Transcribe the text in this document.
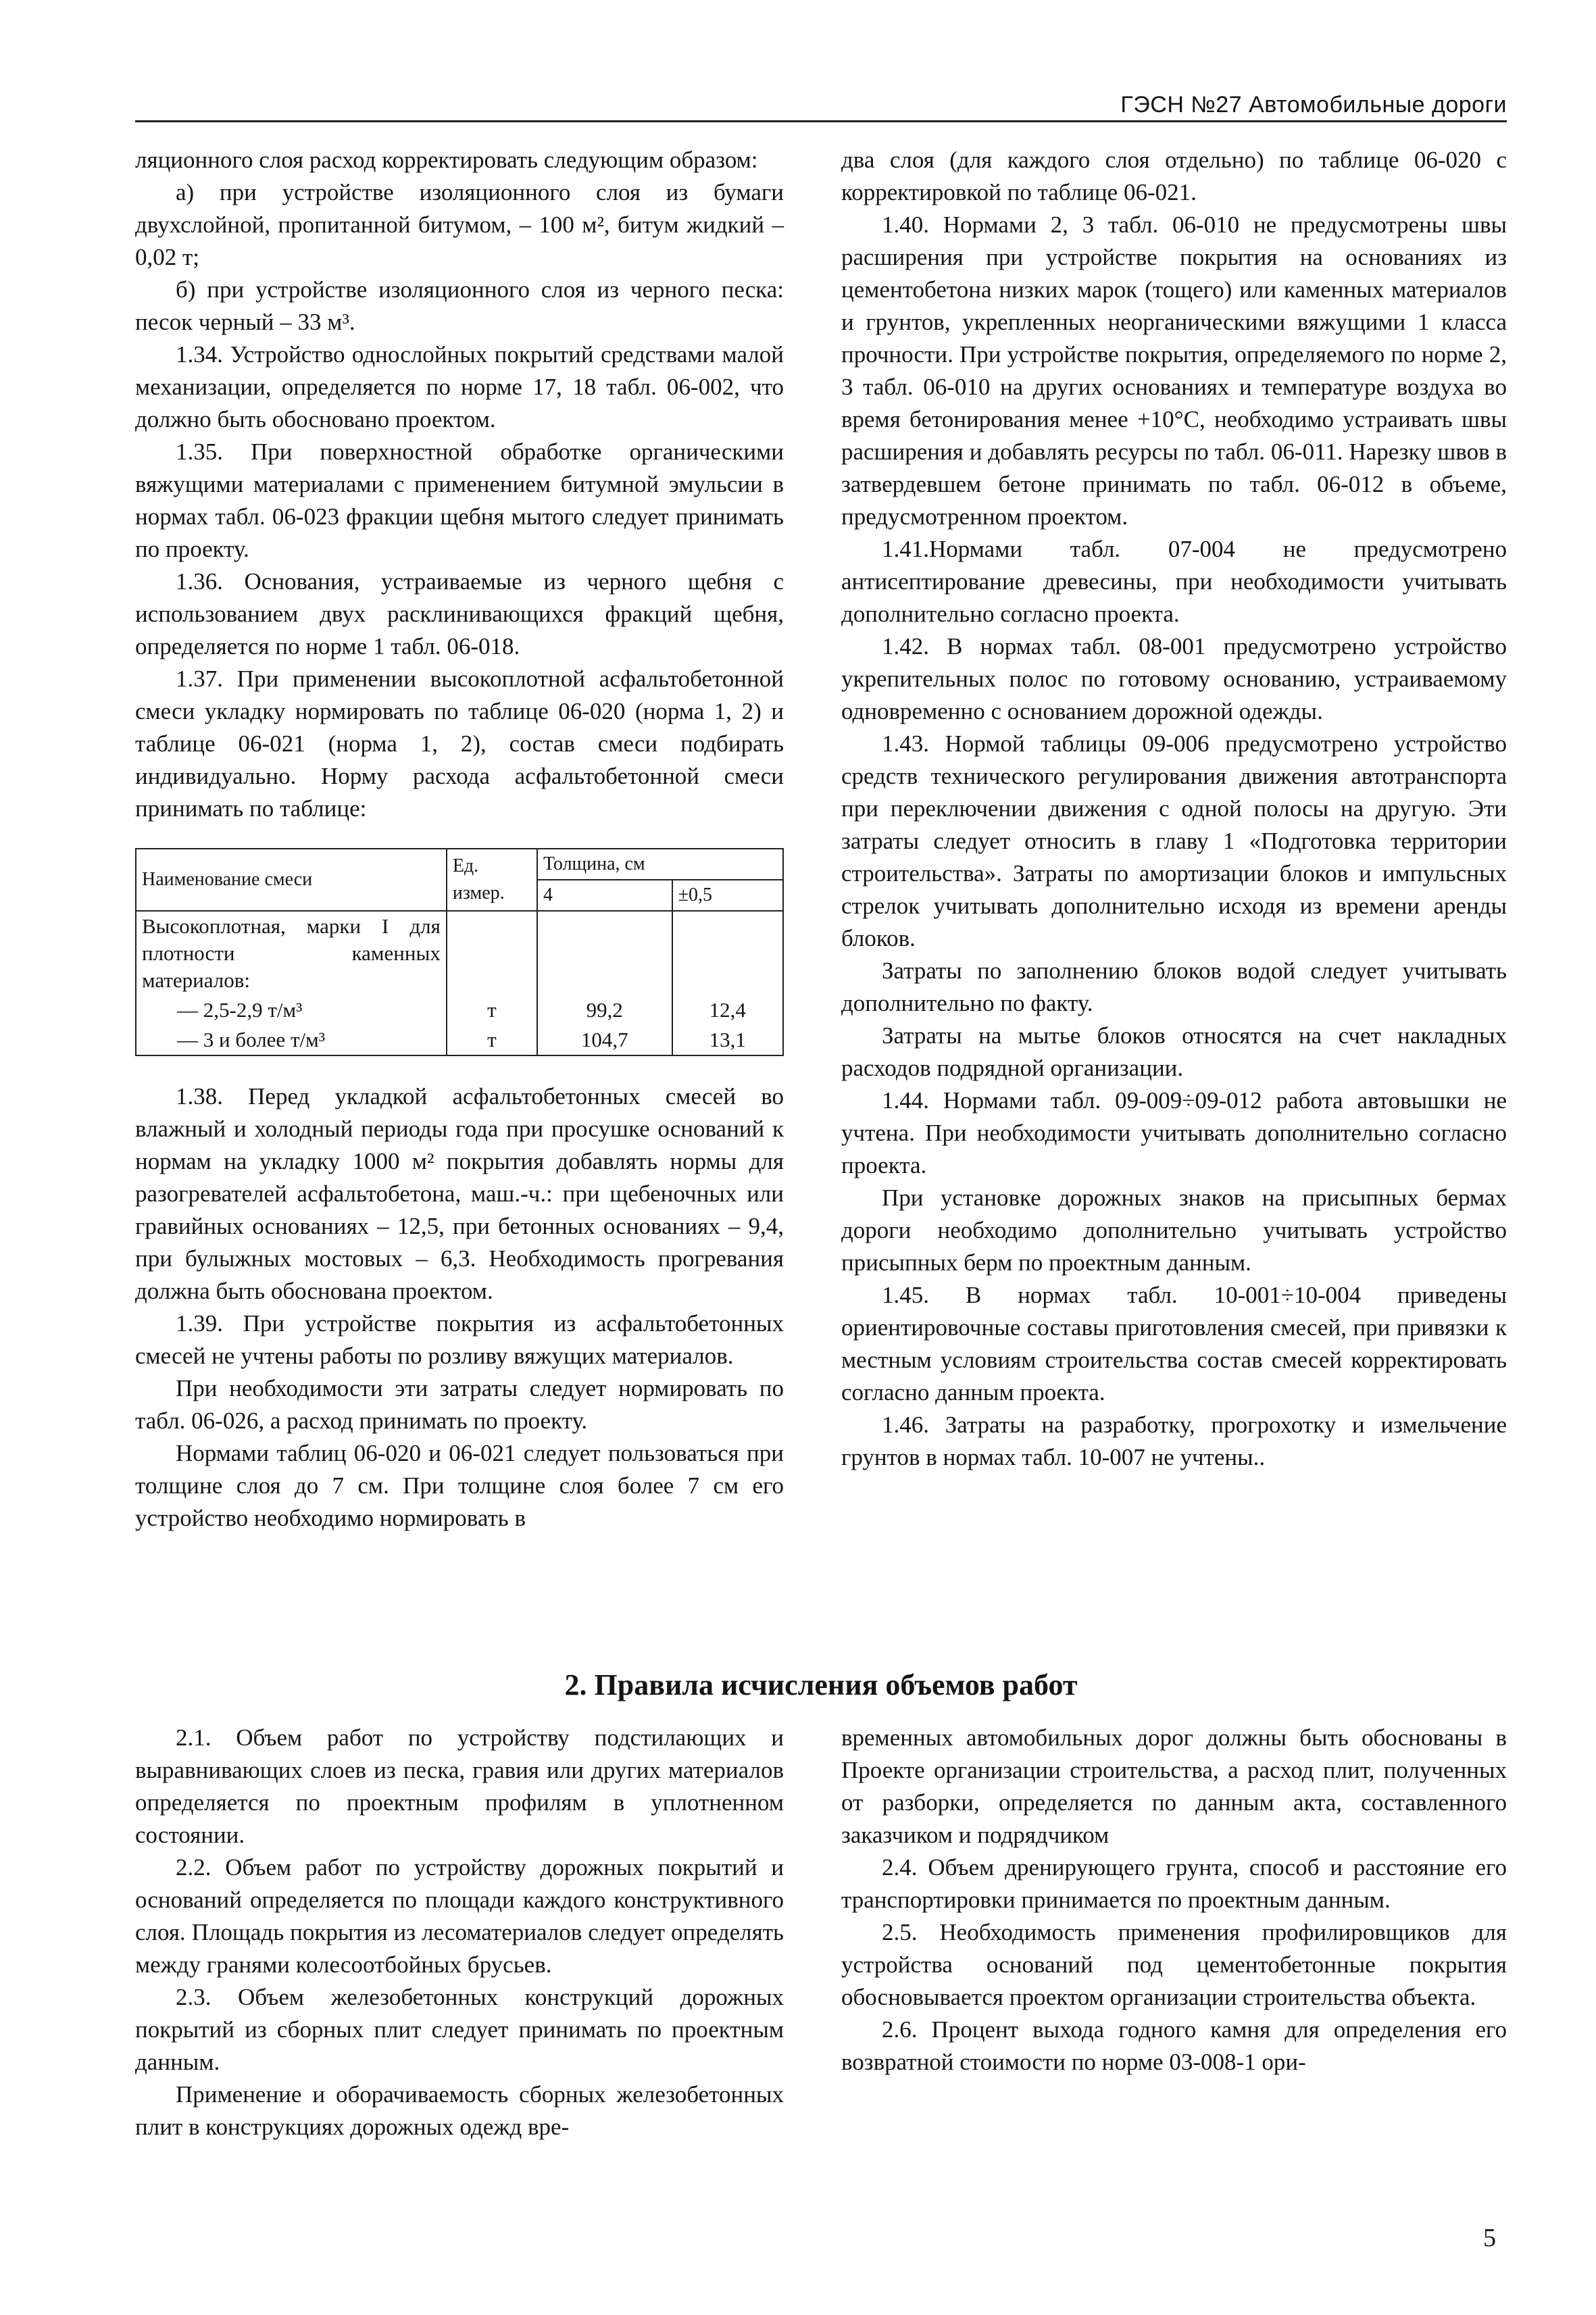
ГЭСН №27 Автомобильные дороги

ляционного слоя расход корректировать следующим образом:

а) при устройстве изоляционного слоя из бумаги двухслойной, пропитанной битумом, – 100 м², битум жидкий – 0,02 т;

б) при устройстве изоляционного слоя из черного песка: песок черный – 33 м³.

1.34. Устройство однослойных покрытий средствами малой механизации, определяется по норме 17, 18 табл. 06-002, что должно быть обосновано проектом.

1.35. При поверхностной обработке органическими вяжущими материалами с применением битумной эмульсии в нормах табл. 06-023 фракции щебня мытого следует принимать по проекту.

1.36. Основания, устраиваемые из черного щебня с использованием двух расклинивающихся фракций щебня, определяется по норме 1 табл. 06-018.

1.37. При применении высокоплотной асфальтобетонной смеси укладку нормировать по таблице 06-020 (норма 1, 2) и таблице 06-021 (норма 1, 2), состав смеси подбирать индивидуально. Норму расхода асфальтобетонной смеси принимать по таблице:

Наименование смеси	Ед. измер.	Толщина, см	
		4	±0,5
Высокоплотная, марки I для плотности каменных материалов:			
— 2,5-2,9 т/м³	т	99,2	12,4
— 3 и более т/м³	т	104,7	13,1

1.38. Перед укладкой асфальтобетонных смесей во влажный и холодный периоды года при просушке оснований к нормам на укладку 1000 м² покрытия добавлять нормы для разогревателей асфальтобетона, маш.-ч.: при щебеночных или гравийных основаниях – 12,5, при бетонных основаниях – 9,4, при булыжных мостовых – 6,3. Необходимость прогревания должна быть обоснована проектом.

1.39. При устройстве покрытия из асфальтобетонных смесей не учтены работы по розливу вяжущих материалов.

При необходимости эти затраты следует нормировать по табл. 06-026, а расход принимать по проекту.

Нормами таблиц 06-020 и 06-021 следует пользоваться при толщине слоя до 7 см. При толщине слоя более 7 см его устройство необходимо нормировать в

два слоя (для каждого слоя отдельно) по таблице 06-020 с корректировкой по таблице 06-021.

1.40. Нормами 2, 3 табл. 06-010 не предусмотрены швы расширения при устройстве покрытия на основаниях из цементобетона низких марок (тощего) или каменных материалов и грунтов, укрепленных неорганическими вяжущими 1 класса прочности. При устройстве покрытия, определяемого по норме 2, 3 табл. 06-010 на других основаниях и температуре воздуха во время бетонирования менее +10°С, необходимо устраивать швы расширения и добавлять ресурсы по табл. 06-011. Нарезку швов в затвердевшем бетоне принимать по табл. 06-012 в объеме, предусмотренном проектом.

1.41.Нормами табл. 07-004 не предусмотрено антисептирование древесины, при необходимости учитывать дополнительно согласно проекта.

1.42. В нормах табл. 08-001 предусмотрено устройство укрепительных полос по готовому основанию, устраиваемому одновременно с основанием дорожной одежды.

1.43. Нормой таблицы 09-006 предусмотрено устройство средств технического регулирования движения автотранспорта при переключении движения с одной полосы на другую. Эти затраты следует относить в главу 1 «Подготовка территории строительства». Затраты по амортизации блоков и импульсных стрелок учитывать дополнительно исходя из времени аренды блоков.

Затраты по заполнению блоков водой следует учитывать дополнительно по факту.

Затраты на мытье блоков относятся на счет накладных расходов подрядной организации.

1.44. Нормами табл. 09-009÷09-012 работа автовышки не учтена. При необходимости учитывать дополнительно согласно проекта.

При установке дорожных знаков на присыпных бермах дороги необходимо дополнительно учитывать устройство присыпных берм по проектным данным.

1.45. В нормах табл. 10-001÷10-004 приведены ориентировочные составы приготовления смесей, при привязки к местным условиям строительства состав смесей корректировать согласно данным проекта.

1.46. Затраты на разработку, прогрохотку и измельчение грунтов в нормах табл. 10-007 не учтены..

2. Правила исчисления объемов работ

2.1. Объем работ по устройству подстилающих и выравнивающих слоев из песка, гравия или других материалов определяется по проектным профилям в уплотненном состоянии.

2.2. Объем работ по устройству дорожных покрытий и оснований определяется по площади каждого конструктивного слоя. Площадь покрытия из лесоматериалов следует определять между гранями колесоотбойных брусьев.

2.3. Объем железобетонных конструкций дорожных покрытий из сборных плит следует принимать по проектным данным.

Применение и оборачиваемость сборных железобетонных плит в конструкциях дорожных одежд вре-

временных автомобильных дорог должны быть обоснованы в Проекте организации строительства, а расход плит, полученных от разборки, определяется по данным акта, составленного заказчиком и подрядчиком

2.4. Объем дренирующего грунта, способ и расстояние его транспортировки принимается по проектным данным.

2.5. Необходимость применения профилировщиков для устройства оснований под цементобетонные покрытия обосновывается проектом организации строительства объекта.

2.6. Процент выхода годного камня для определения его возвратной стоимости по норме 03-008-1 ори-

5
